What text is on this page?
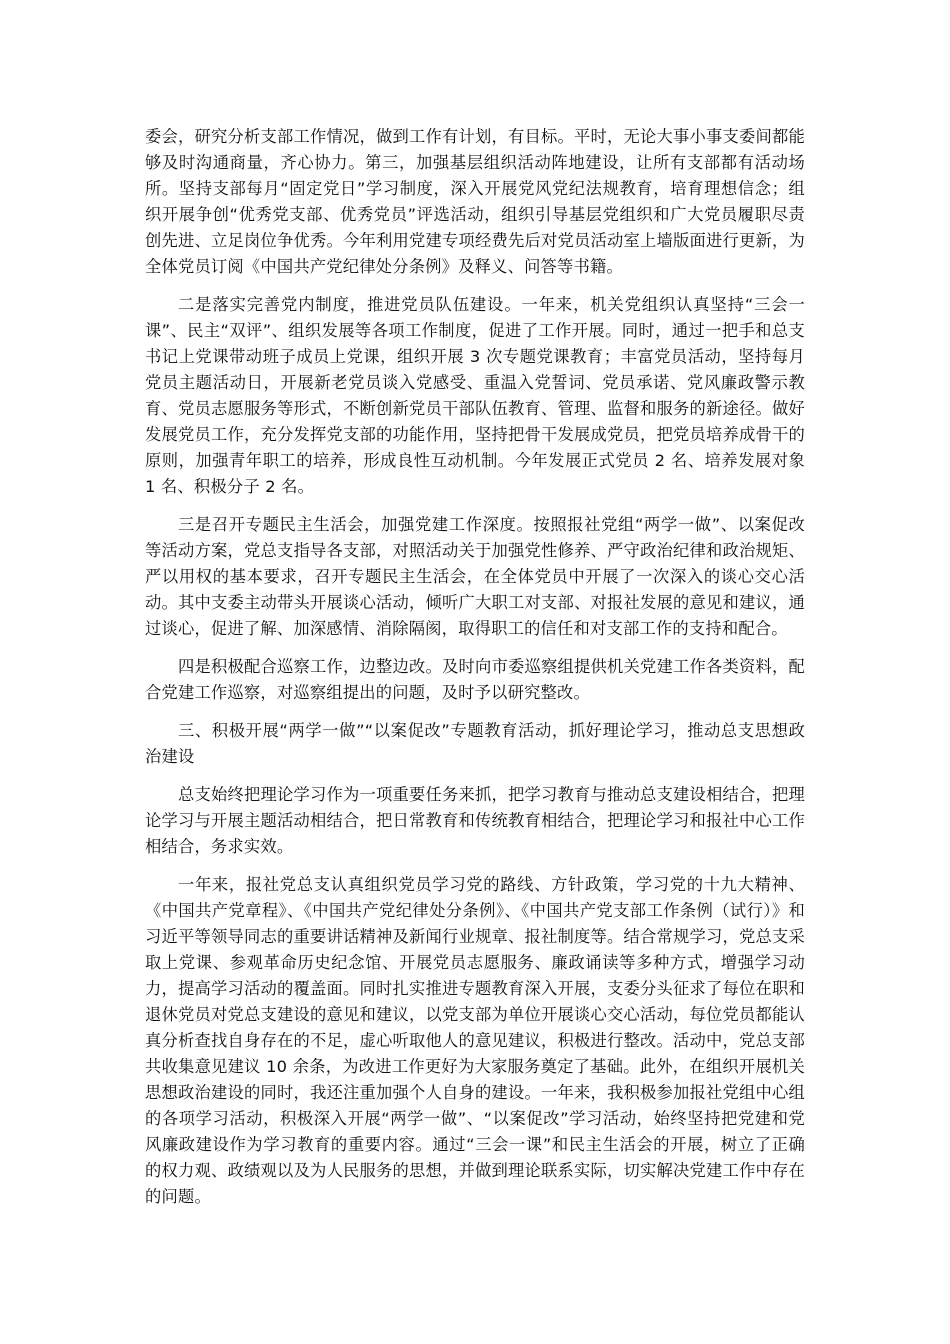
委会，研究分析支部工作情况，做到工作有计划，有目标。平时，无论大事小事支委间都能够及时沟通商量，齐心协力。第三，加强基层组织活动阵地建设，让所有支部都有活动场所。坚持支部每月“固定党日”学习制度，深入开展党风党纪法规教育，培育理想信念；组织开展争创“优秀党支部、优秀党员”评选活动，组织引导基层党组织和广大党员履职尽责创先进、立足岗位争优秀。今年利用党建专项经费先后对党员活动室上墙版面进行更新，为全体党员订阅《中国共产党纪律处分条例》及释义、问答等书籍。

二是落实完善党内制度，推进党员队伍建设。一年来，机关党组织认真坚持“三会一课”、民主“双评”、组织发展等各项工作制度，促进了工作开展。同时，通过一把手和总支书记上党课带动班子成员上党课，组织开展 3 次专题党课教育；丰富党员活动，坚持每月党员主题活动日，开展新老党员谈入党感受、重温入党誓词、党员承诺、党风廉政警示教育、党员志愿服务等形式，不断创新党员干部队伍教育、管理、监督和服务的新途径。做好发展党员工作，充分发挥党支部的功能作用，坚持把骨干发展成党员，把党员培养成骨干的原则，加强青年职工的培养，形成良性互动机制。今年发展正式党员 2 名、培养发展对象 1 名、积极分子 2 名。

三是召开专题民主生活会，加强党建工作深度。按照报社党组“两学一做”、以案促改等活动方案，党总支指导各支部，对照活动关于加强党性修养、严守政治纪律和政治规矩、严以用权的基本要求，召开专题民主生活会，在全体党员中开展了一次深入的谈心交心活动。其中支委主动带头开展谈心活动，倾听广大职工对支部、对报社发展的意见和建议，通过谈心，促进了解、加深感情、消除隔阂，取得职工的信任和对支部工作的支持和配合。

四是积极配合巡察工作，边整边改。及时向市委巡察组提供机关党建工作各类资料，配合党建工作巡察，对巡察组提出的问题，及时予以研究整改。

三、积极开展“两学一做”“以案促改”专题教育活动，抓好理论学习，推动总支思想政治建设

总支始终把理论学习作为一项重要任务来抓，把学习教育与推动总支建设相结合，把理论学习与开展主题活动相结合，把日常教育和传统教育相结合，把理论学习和报社中心工作相结合，务求实效。

一年来，报社党总支认真组织党员学习党的路线、方针政策，学习党的十九大精神、《中国共产党章程》、《中国共产党纪律处分条例》、《中国共产党支部工作条例（试行）》和习近平等领导同志的重要讲话精神及新闻行业规章、报社制度等。结合常规学习，党总支采取上党课、参观革命历史纪念馆、开展党员志愿服务、廉政诵读等多种方式，增强学习动力，提高学习活动的覆盖面。同时扎实推进专题教育深入开展，支委分头征求了每位在职和退休党员对党总支建设的意见和建议，以党支部为单位开展谈心交心活动，每位党员都能认真分析查找自身存在的不足，虚心听取他人的意见建议，积极进行整改。活动中，党总支部共收集意见建议 10 余条，为改进工作更好为大家服务奠定了基础。此外，在组织开展机关思想政治建设的同时，我还注重加强个人自身的建设。一年来，我积极参加报社党组中心组的各项学习活动，积极深入开展“两学一做”、“以案促改”学习活动，始终坚持把党建和党风廉政建设作为学习教育的重要内容。通过“三会一课”和民主生活会的开展，树立了正确的权力观、政绩观以及为人民服务的思想，并做到理论联系实际，切实解决党建工作中存在的问题。
